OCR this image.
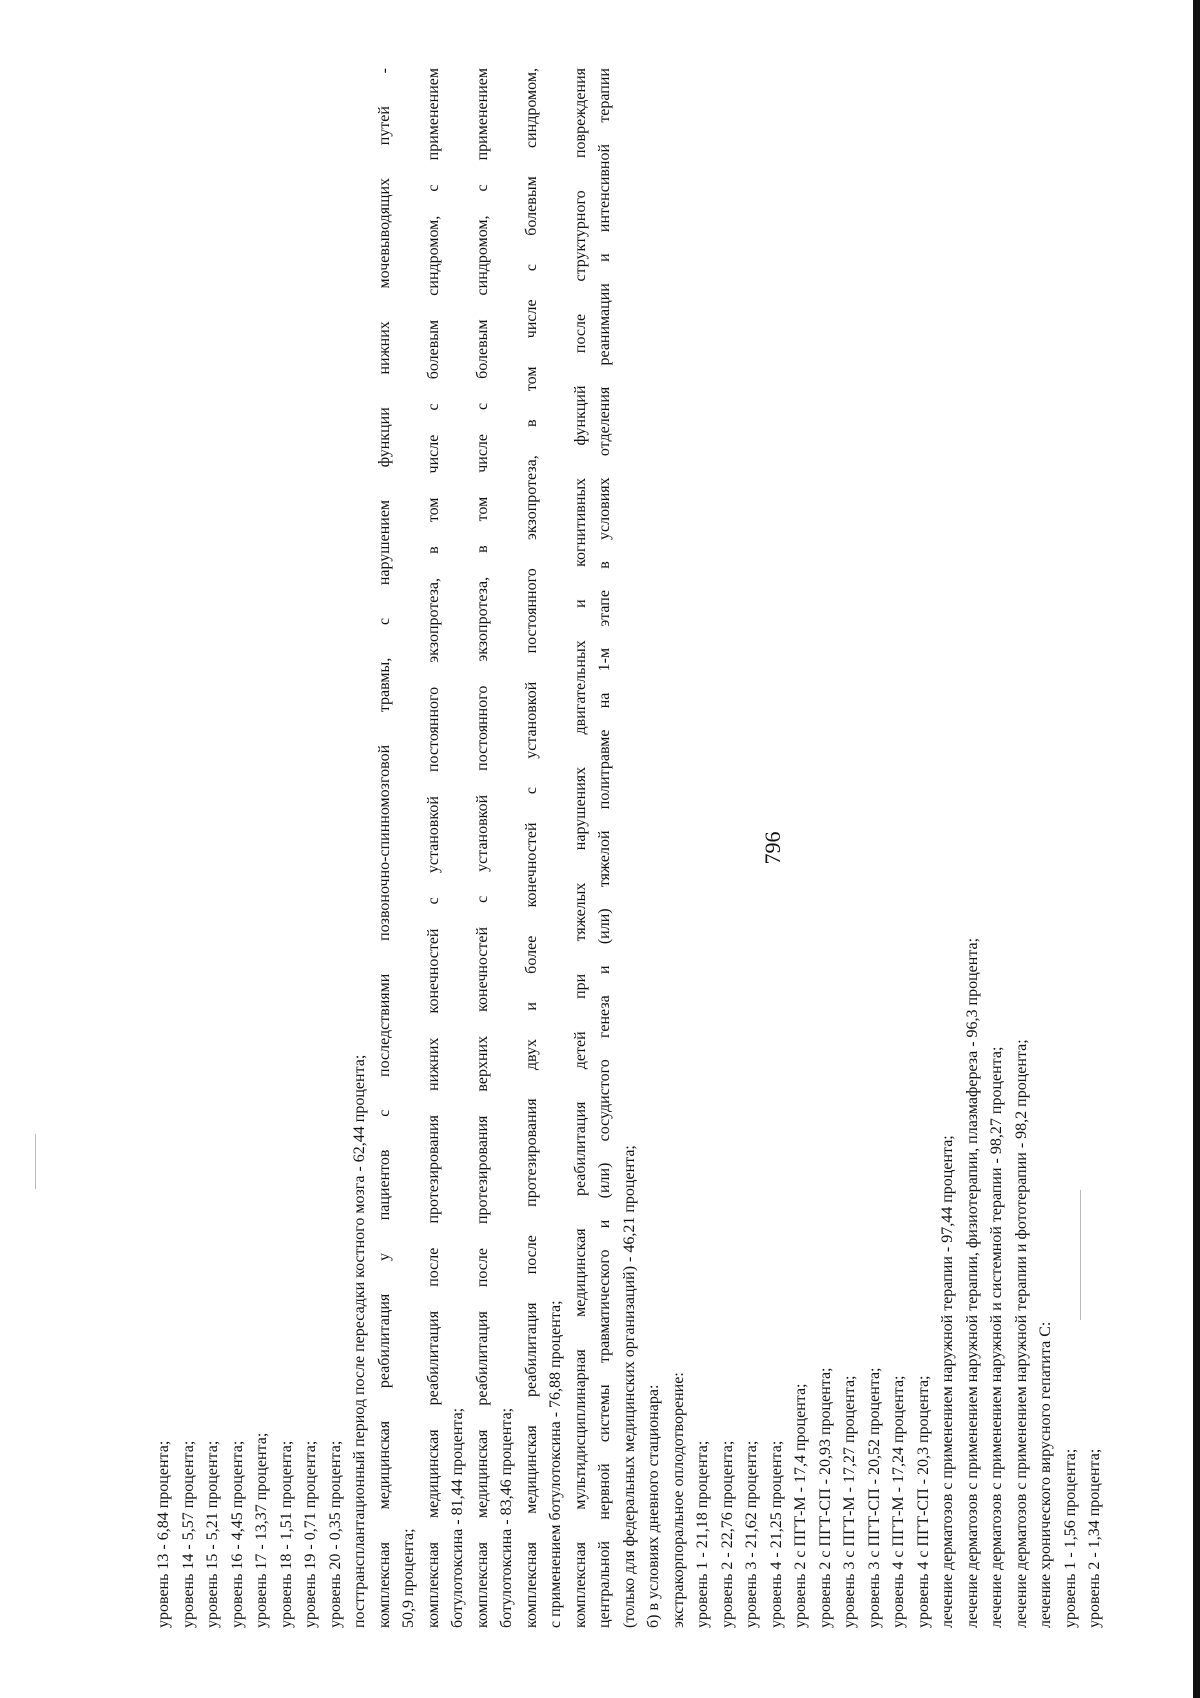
796
уровень 13 - 6,84 процента; уровень 14 - 5,57 процента; уровень 15 - 5,21 процента; уровень 16 - 4,45 процента; уровень 17 - 13,37 процента; уровень 18 - 1,51 процента; уровень 19 - 0,71 процента; уровень 20 - 0,35 процента; посттрансплантационный период после пересадки костного мозга - 62,44 процента; комплексная медицинская реабилитация у пациентов с последствиями позвоночно-спинномозговой травмы, с нарушением функции нижних мочевыводящих путей - 50,9 процента; комплексная медицинская реабилитация после протезирования нижних конечностей с установкой постоянного экзопротеза, в том числе с болевым синдромом, с применением ботулотоксина - 81,44 процента; комплексная медицинская реабилитация после протезирования верхних конечностей с установкой постоянного экзопротеза, в том числе с болевым синдромом, с применением ботулотоксина - 83,46 процента; комплексная медицинская реабилитация после протезирования двух и более конечностей с установкой постоянного экзопротеза, в том числе с болевым синдромом, с применением ботулотоксина - 76,88 процента; комплексная мультидисциплинарная медицинская реабилитация детей при тяжелых нарушениях двигательных и когнитивных функций после структурного повреждения центральной нервной системы травматического и (или) сосудистого генеза и (или) тяжелой политравме на 1-м этапе в условиях отделения реанимации и интенсивной терапии (только для федеральных медицинских организаций) - 46,21 процента; б) в условиях дневного стационара: экстракорпоральное оплодотворение: уровень 1 - 21,18 процента; уровень 2 - 22,76 процента; уровень 3 - 21,62 процента; уровень 4 - 21,25 процента; уровень 2 с ПГТ-М - 17,4 процента; уровень 2 с ПГТ-СП - 20,93 процента; уровень 3 с ПГТ-М - 17,27 процента; уровень 3 с ПГТ-СП - 20,52 процента; уровень 4 с ПГТ-М - 17,24 процента; уровень 4 с ПГТ-СП - 20,3 процента; лечение дерматозов с применением наружной терапии - 97,44 процента; лечение дерматозов с применением наружной терапии, физиотерапии, плазмафереза - 96,3 процента; лечение дерматозов с применением наружной и системной терапии - 98,27 процента; лечение дерматозов с применением наружной терапии и фототерапии - 98,2 процента; лечение хронического вирусного гепатита С: уровень 1 - 1,56 процента; уровень 2 - 1,34 процента;
